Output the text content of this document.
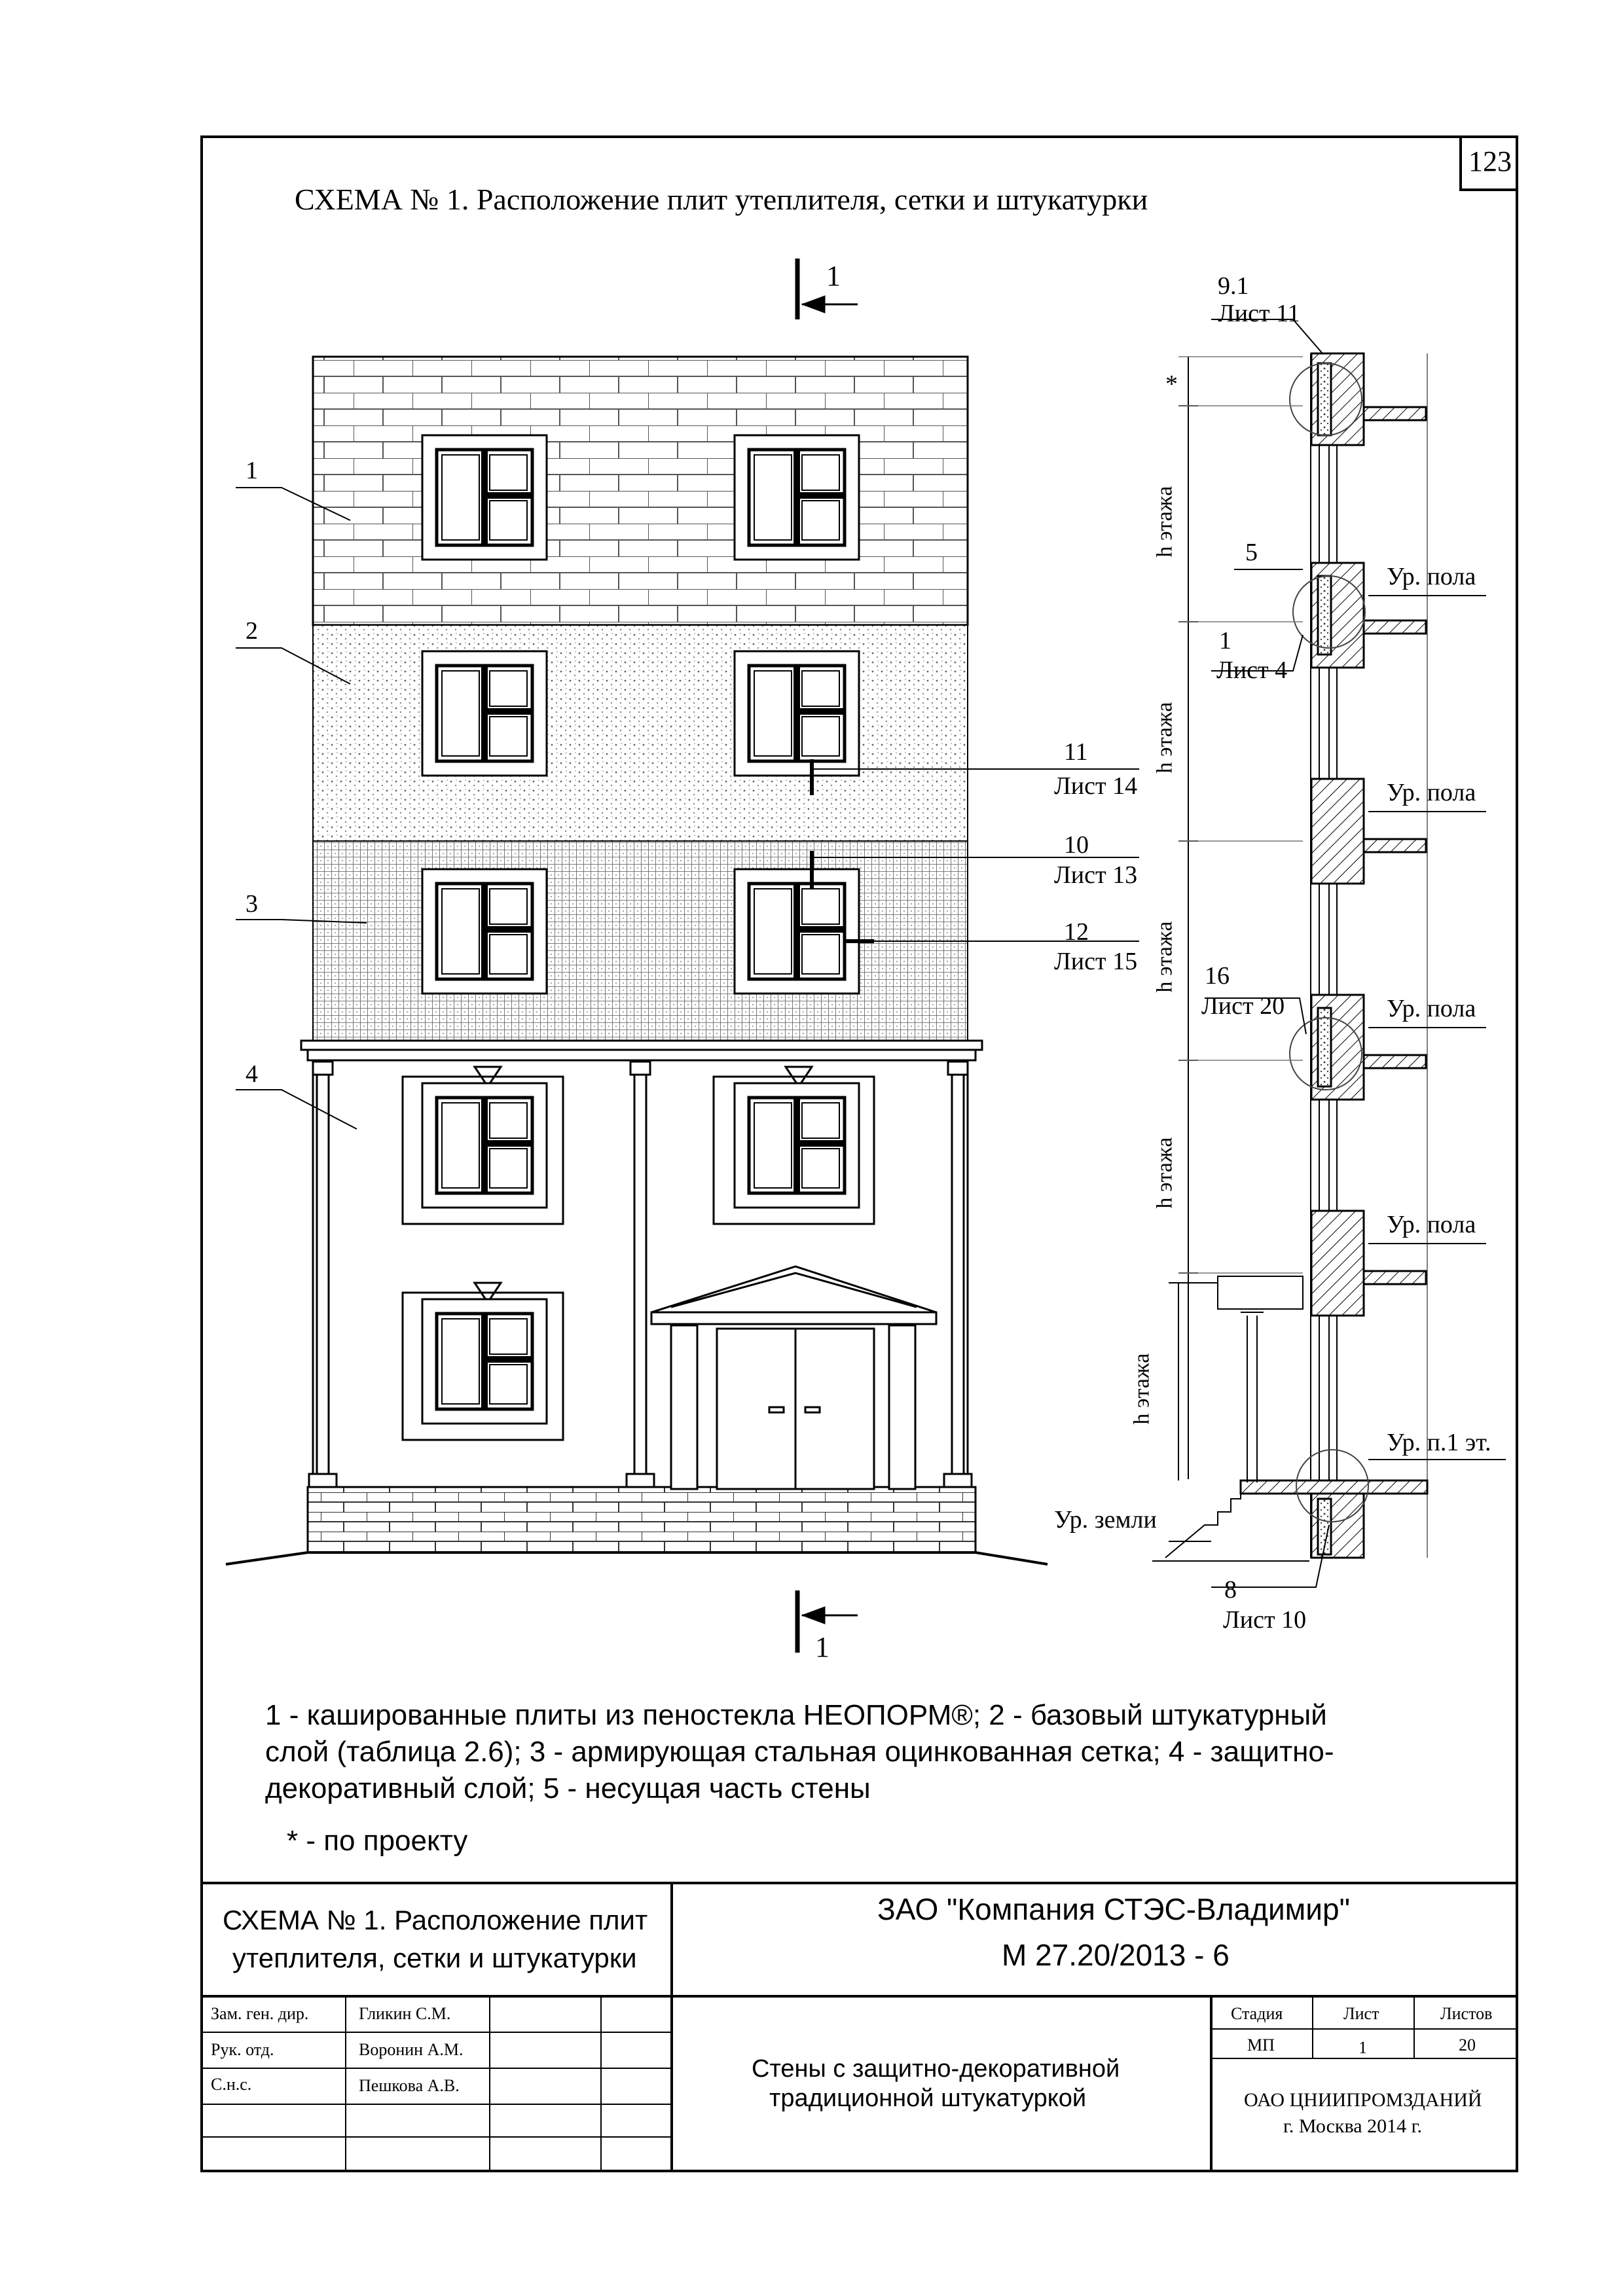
123
СХЕМА № 1. Расположение плит утеплителя, сетки и штукатурки
1
2
3
4
1
1
11
Лист 14
10
Лист 13
12
Лист 15
9.1
Лист 11
*
5
1
Лист 4
16
Лист 20
8
Лист 10
h этажа
h этажа
h этажа
h этажа
h этажа
Ур. пола
Ур. пола
Ур. пола
Ур. пола
Ур. п.1 эт.
Ур. земли
1 - кашированные плиты из пеностекла НЕОПОРМ®; 2 - базовый штукатурный слой (таблица 2.6); 3 - армирующая стальная оцинкованная сетка; 4 - защитно-декоративный слой; 5 - несущая часть стены
* - по проекту
СХЕМА № 1. Расположение плит
утеплителя, сетки и штукатурки
ЗАО "Компания СТЭС-Владимир"
М 27.20/2013 - 6
Зам. ген. дир.	Гликин С.М.
Рук. отд.	Воронин А.М.
С.н.с.	Пешкова А.В.
Стены с защитно-декоративной
традиционной штукатуркой
Стадия	Лист	Листов
МП	1	20
ОАО ЦНИИПРОМЗДАНИЙ
г. Москва 2014 г.
